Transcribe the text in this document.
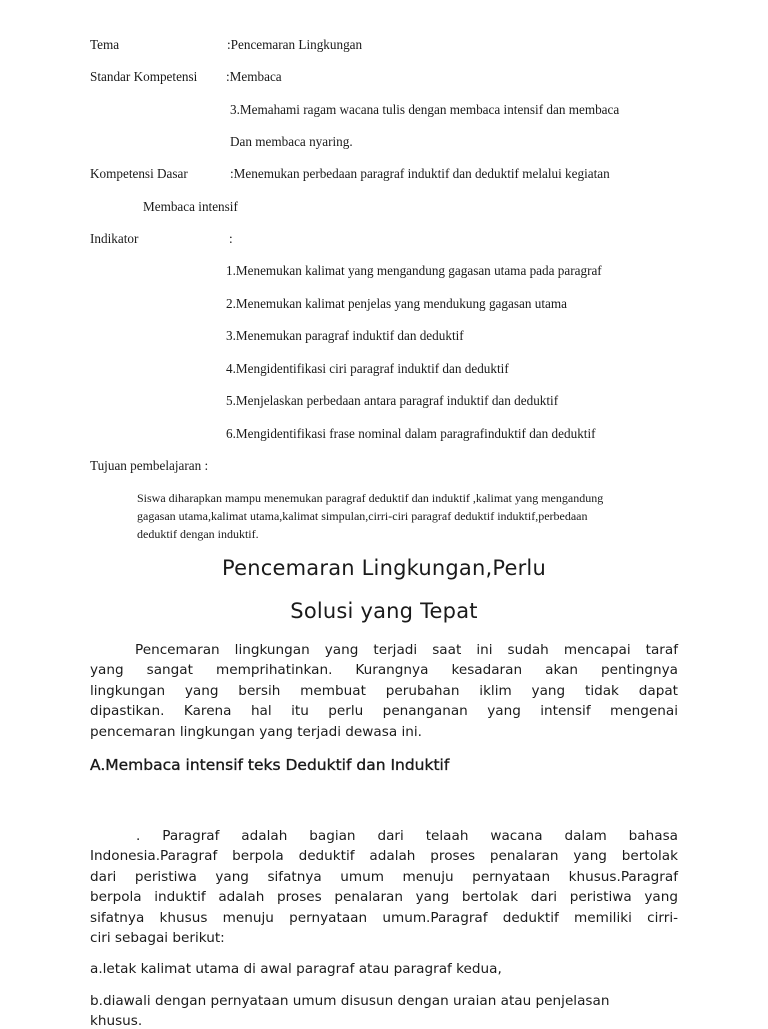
Tema	:Pencemaran Lingkungan
Standar Kompetensi :Membaca
3.Memahami ragam wacana tulis dengan membaca intensif dan membaca
Dan membaca nyaring.
Kompetensi Dasar	:Menemukan perbedaan paragraf induktif dan deduktif melalui kegiatan
Membaca intensif
Indikator	:
1.Menemukan kalimat yang mengandung gagasan utama pada paragraf
2.Menemukan kalimat penjelas yang mendukung gagasan utama
3.Menemukan paragraf induktif dan deduktif
4.Mengidentifikasi ciri paragraf induktif dan deduktif
5.Menjelaskan perbedaan antara paragraf induktif dan deduktif
6.Mengidentifikasi frase nominal dalam paragrafinduktif dan deduktif
Tujuan pembelajaran :
Siswa diharapkan mampu menemukan paragraf deduktif dan induktif ,kalimat yang mengandung
gagasan utama,kalimat utama,kalimat simpulan,cirri-ciri paragraf deduktif induktif,perbedaan
deduktif dengan induktif.
Pencemaran Lingkungan,Perlu
Solusi yang Tepat
Pencemaran lingkungan yang terjadi saat ini sudah mencapai taraf
yang sangat memprihatinkan. Kurangnya kesadaran akan pentingnya
lingkungan yang bersih membuat perubahan iklim yang tidak dapat
dipastikan. Karena hal itu perlu penanganan yang intensif mengenai
pencemaran lingkungan yang terjadi dewasa ini.
A.Membaca intensif teks Deduktif dan Induktif
. Paragraf adalah bagian dari telaah wacana dalam bahasa
Indonesia.Paragraf berpola deduktif adalah proses penalaran yang bertolak
dari peristiwa yang sifatnya umum menuju pernyataan khusus.Paragraf
berpola induktif adalah proses penalaran yang bertolak dari peristiwa yang
sifatnya khusus menuju pernyataan umum.Paragraf deduktif memiliki cirri-
ciri sebagai berikut:
a.letak kalimat utama di awal paragraf atau paragraf kedua,
b.diawali dengan pernyataan umum disusun dengan uraian atau penjelasan
khusus.
